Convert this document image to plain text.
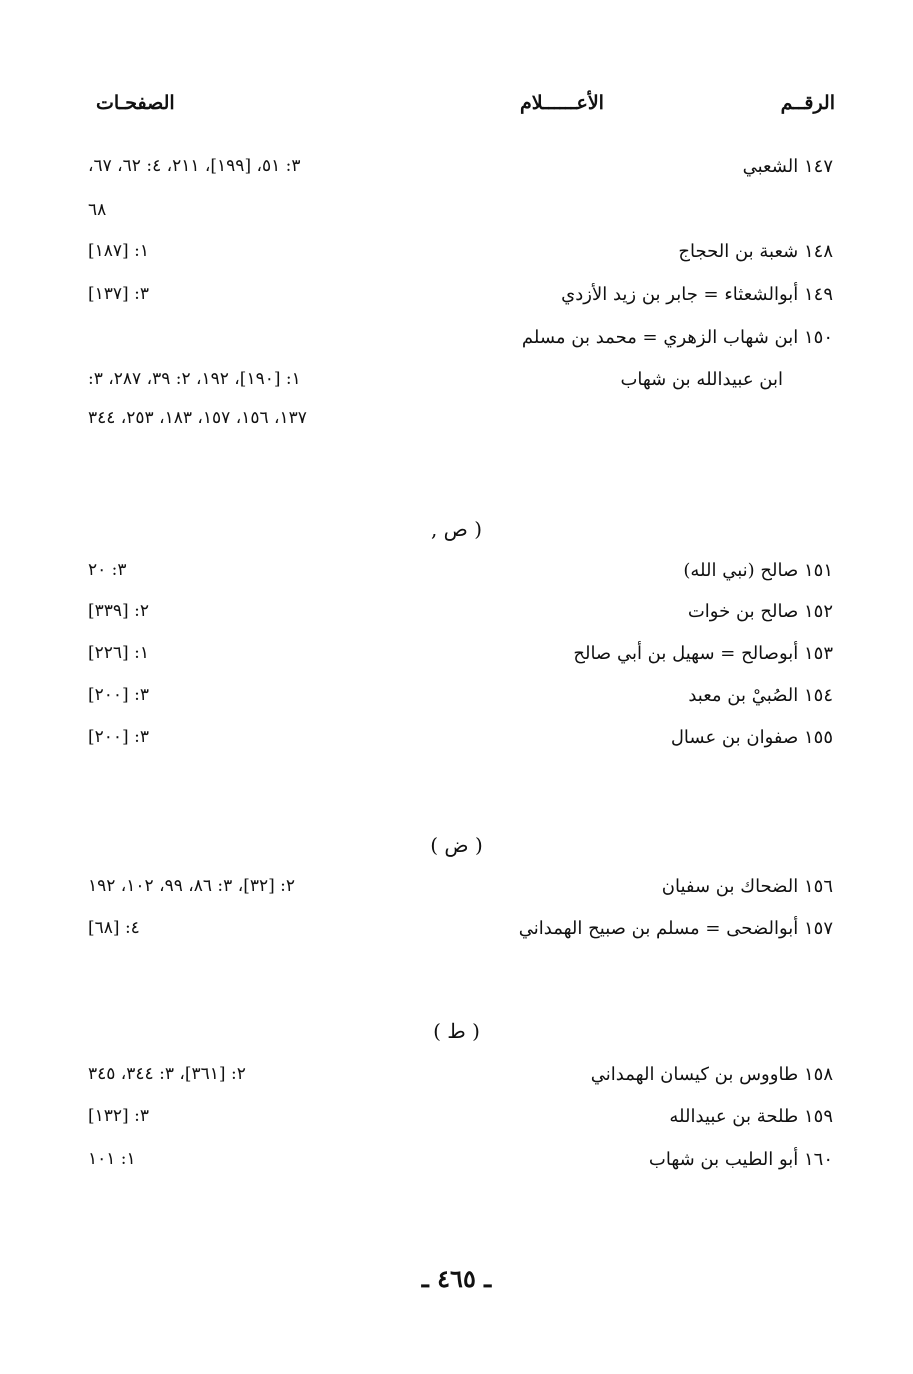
الرقــم
الأعــــــلام
الصفحـات
١٤٧ الشعبي
٣: ٥١، [١٩٩]، ٢١١، ٤: ٦٢، ٦٧،
٦٨
١٤٨ شعبة بن الحجاج
١: [١٨٧]
١٤٩ أبوالشعثاء = جابر بن زيد الأزدي
٣: [١٣٧]
١٥٠ ابن شهاب الزهري = محمد بن مسلم
ابن عبيدالله بن شهاب
١: [١٩٠]، ١٩٢، ٢: ٣٩، ٢٨٧، ٣:
١٣٧، ١٥٦، ١٥٧، ١٨٣، ٢٥٣، ٣٤٤
( ص ,
١٥١ صالح (نبي الله)
٣: ٢٠
١٥٢ صالح بن خوات
٢: [٣٣٩]
١٥٣ أبوصالح = سهيل بن أبي صالح
١: [٢٢٦]
١٥٤ الصُبيْ بن معبد
٣: [٢٠٠]
١٥٥ صفوان بن عسال
٣: [٢٠٠]
( ض )
١٥٦ الضحاك بن سفيان
٢: [٣٢]، ٣: ٨٦، ٩٩، ١٠٢، ١٩٢
١٥٧ أبوالضحى = مسلم بن صبيح الهمداني
٤: [٦٨]
( ط )
١٥٨ طاووس بن كيسان الهمداني
٢: [٣٦١]، ٣: ٣٤٤، ٣٤٥
١٥٩ طلحة بن عبيدالله
٣: [١٣٢]
١٦٠ أبو الطيب بن شهاب
١: ١٠١
ـ ٤٦٥ ـ
